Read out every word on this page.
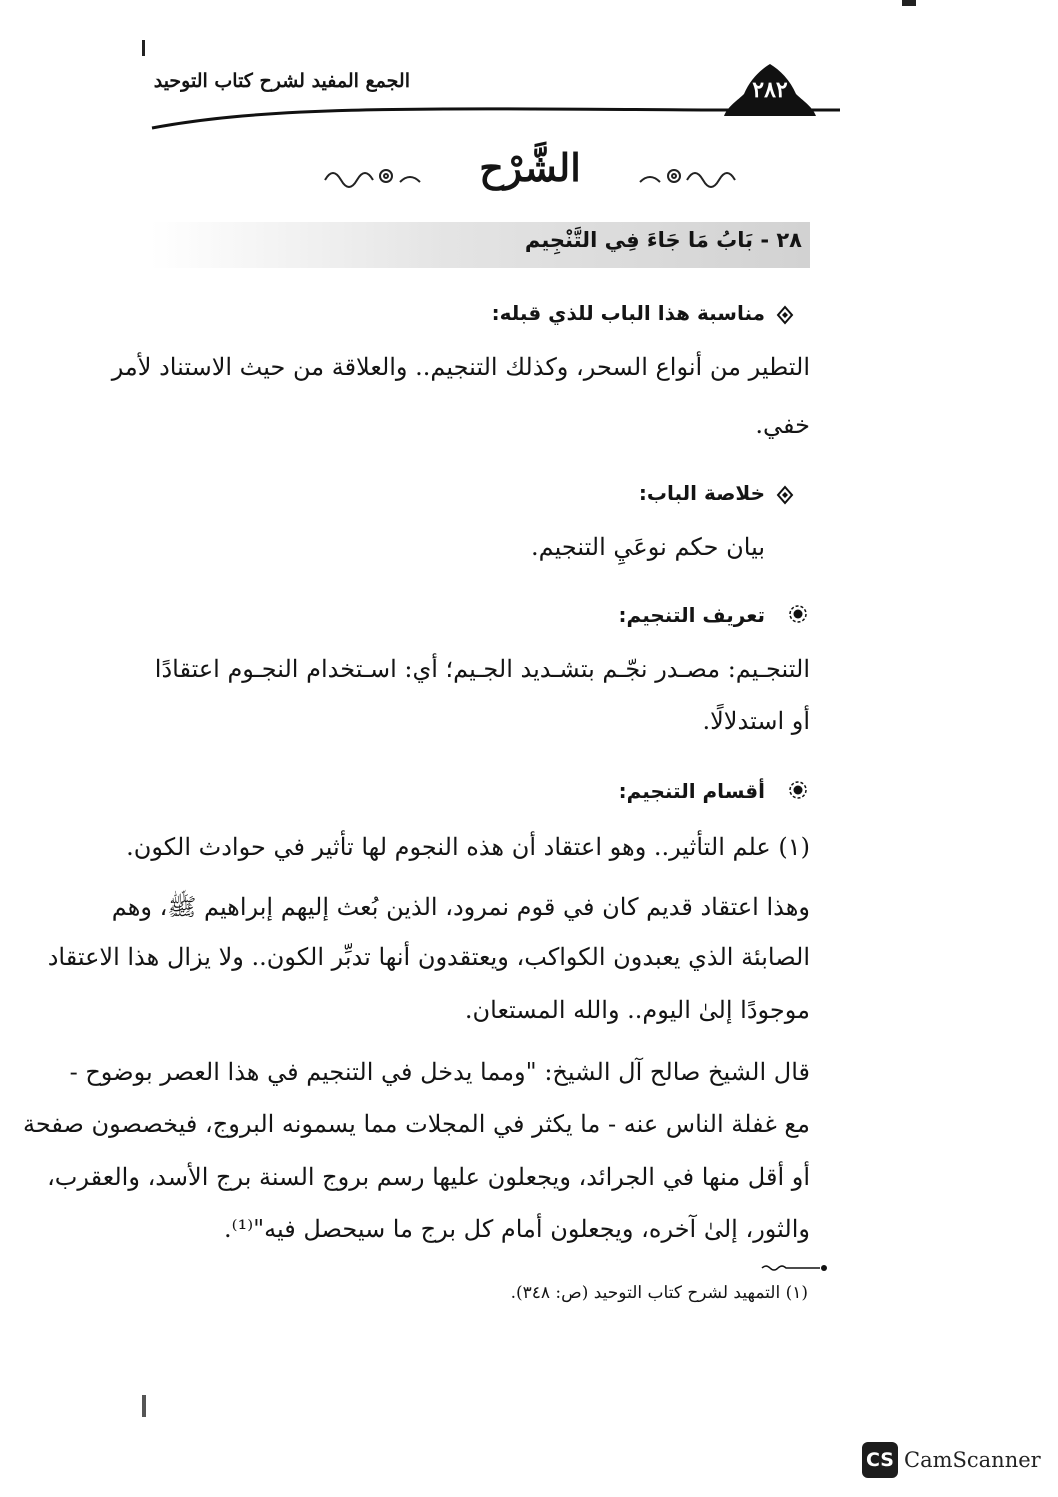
الجمع المفيد لشرح كتاب التوحيد	٢٨٢
الشَّرْح
٢٨ - بَابُ مَا جَاءَ فِي التَّنْجِيم
مناسبة هذا الباب للذي قبله:
التطير من أنواع السحر، وكذلك التنجيم.. والعلاقة من حيث الاستناد لأمر
خفي.
خلاصة الباب:
بيان حكم نوعَيِ التنجيم.
تعريف التنجيم:
التنجـيم: مصـدر نجّـم بتشـديد الجـيم؛ أي: اسـتخدام النجـوم اعتقادًا
أو استدلالًا.
أقسام التنجيم:
(١) علم التأثير.. وهو اعتقاد أن هذه النجوم لها تأثير في حوادث الكون.
وهذا اعتقاد قديم كان في قوم نمرود، الذين بُعث إليهم إبراهيم ﷺ، وهم
الصابئة الذي يعبدون الكواكب، ويعتقدون أنها تدبِّر الكون.. ولا يزال هذا الاعتقاد
موجودًا إلىٰ اليوم.. والله المستعان.
قال الشيخ صالح آل الشيخ: "ومما يدخل في التنجيم في هذا العصر بوضوح -
مع غفلة الناس عنه - ما يكثر في المجلات مما يسمونه البروج، فيخصصون صفحة
أو أقل منها في الجرائد، ويجعلون عليها رسم بروج السنة برج الأسد، والعقرب،
والثور، إلىٰ آخره، ويجعلون أمام كل برج ما سيحصل فيه"⁽¹⁾.
(١) التمهيد لشرح كتاب التوحيد (ص: ٣٤٨).
CS CamScanner
